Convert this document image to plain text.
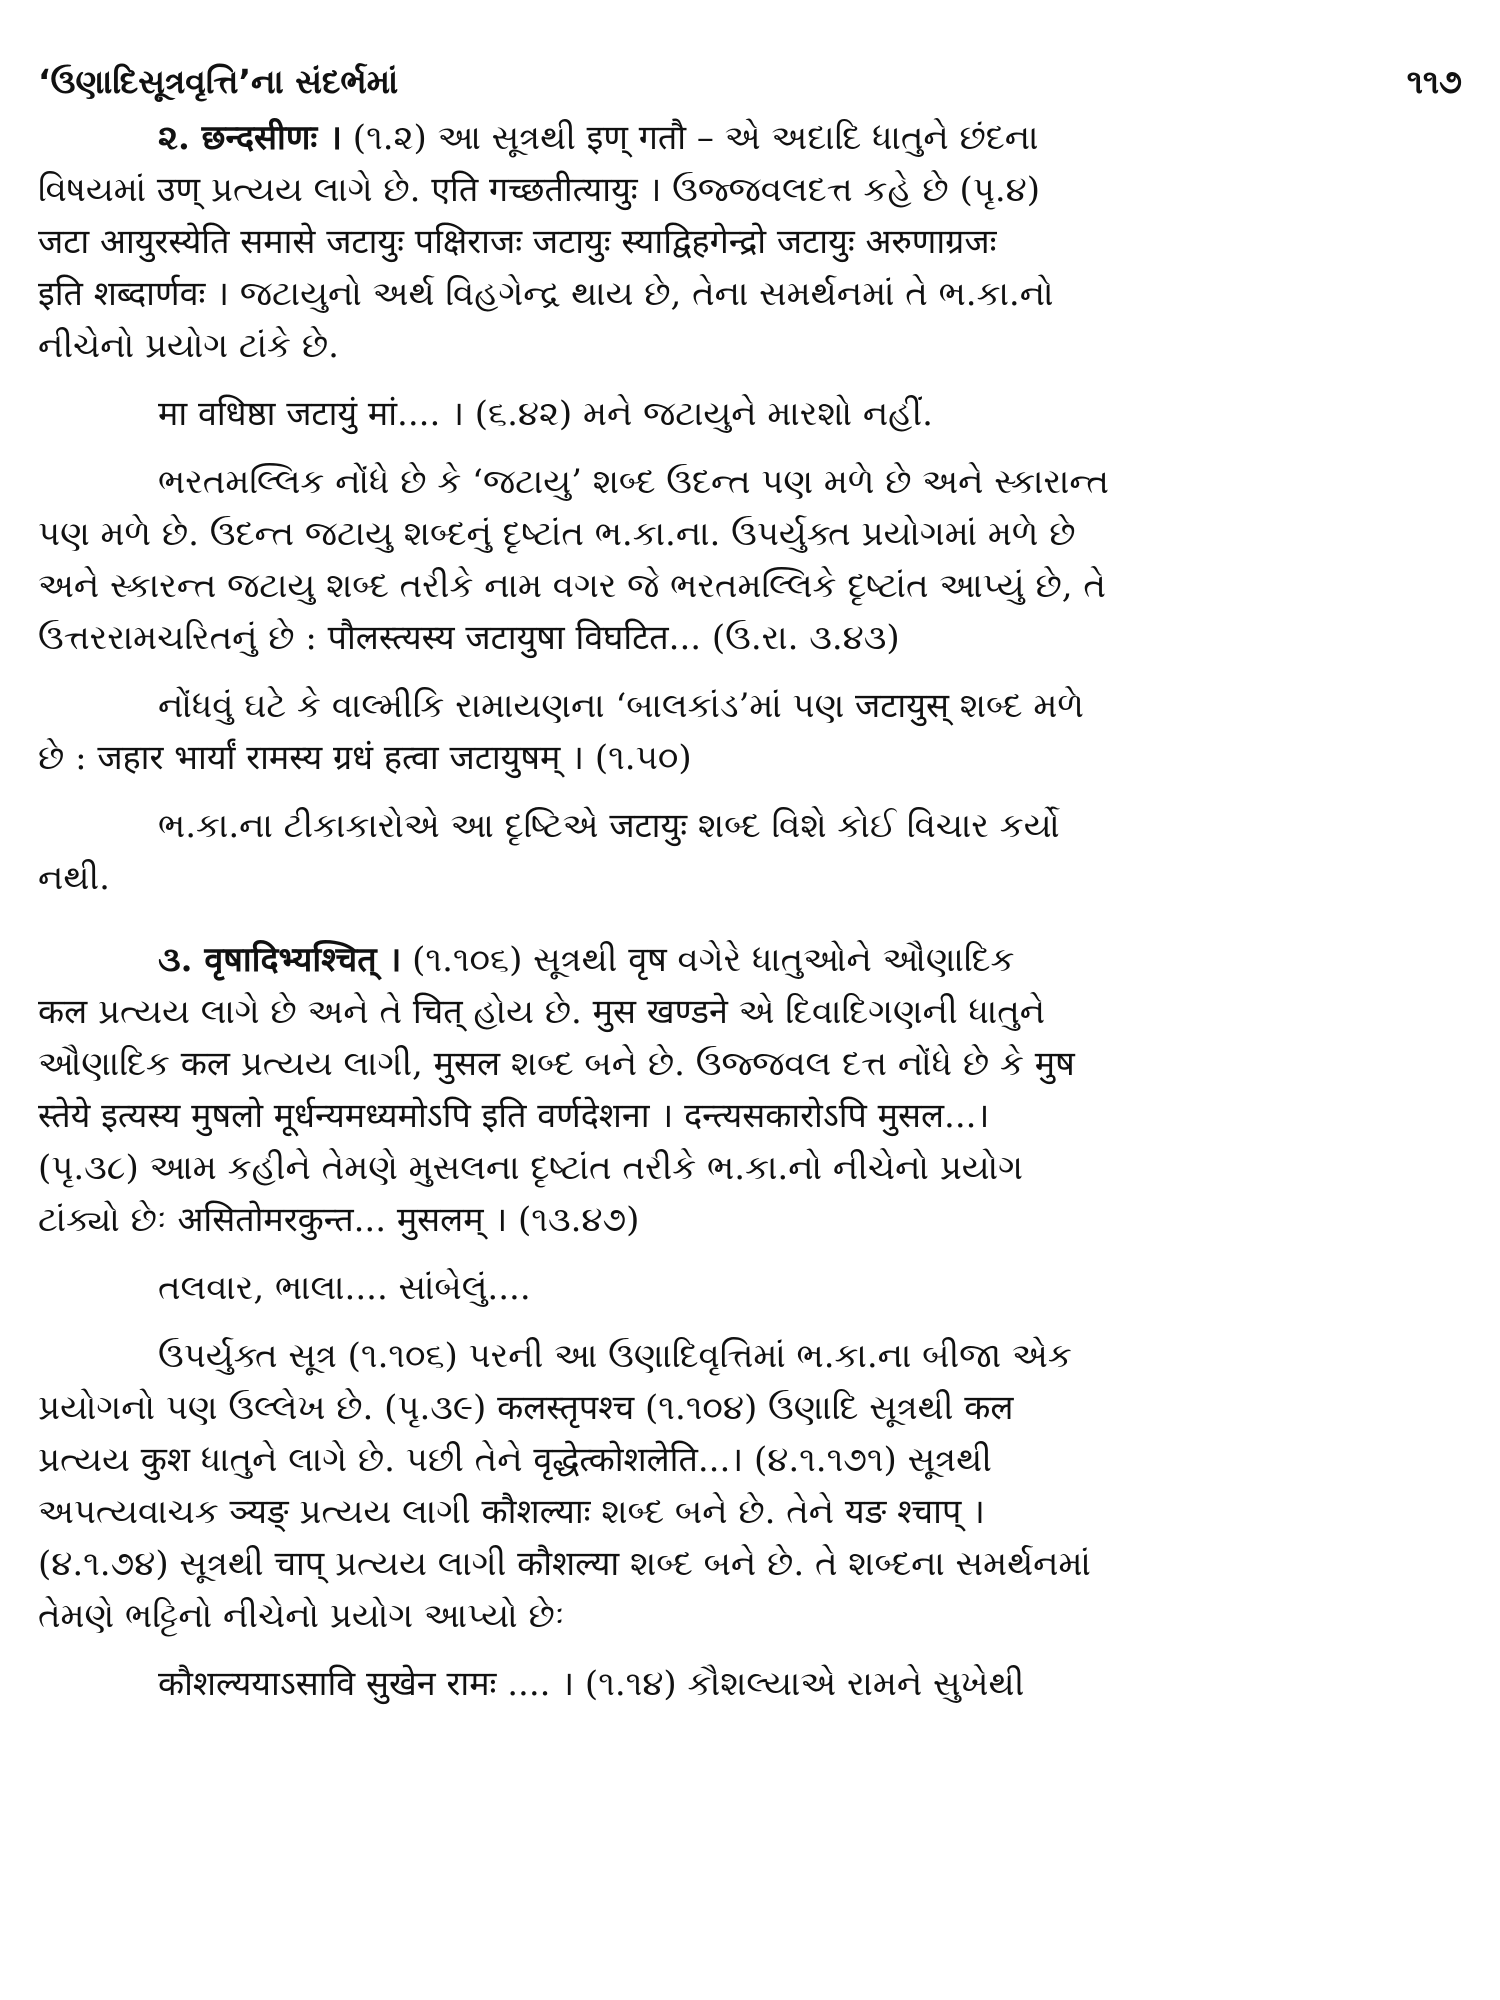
‘ઉણાદિસૂત્રવૃત્તિ’ના સંદર્ભમાં	૧૧૭

૨. छन्दसीणः । (૧.૨) આ સૂત્રથી इण् गतौ – એ અદાદિ ધાતુને છંદના
વિષયમાં उण् પ્રત્યય લાગે છે. एति गच्छतीत्यायुः । ઉજ્જવલદત્ત કહે છે (પૃ.૪)
जटा आयुरस्येति समासे जटायुः पक्षिराजः जटायुः स्याद्विहगेन्द्रो जटायुः अरुणाग्रजः
इति शब्दार्णवः । જટાયુનો અર્થ વિહગેન્દ્ર થાય છે, તેના સમર્થનમાં તે ભ.કા.નો
નીચેનો પ્રયોગ ટાંકે છે.

मा वधिष्ठा जटायुं मां.... । (૬.૪૨) મને જટાયુને મારશો નહીં.

ભરતમલ્લિક નોંધે છે કે ‘જટાયુ’ શબ્દ ઉદન્ત પણ મળે છે અને સ્કારાન્ત
પણ મળે છે. ઉદન્ત જટાયુ શબ્દનું દૃષ્ટાંત ભ.કા.ના. ઉપર્યુક્ત પ્રયોગમાં મળે છે
અને સ્કારન્ત જટાયુ શબ્દ તરીકે નામ વગર જે ભરતમલ્લિકે દૃષ્ટાંત આપ્યું છે, તે
ઉત્તરરામચરિતનું છે : पौलस्त्यस्य जटायुषा विघटित... (ઉ.રા. ૩.૪૩)

નોંધવું ઘટે કે વાલ્મીકિ રામાયણના ‘બાલકાંડ’માં પણ जटायुस् શબ્દ મળે
છે : जहार भार्यां रामस्य ग्रधं हत्वा जटायुषम् । (૧.૫૦)

ભ.કા.ના ટીકાકારોએ આ દૃષ્ટિએ जटायुः શબ્દ વિશે કોઈ વિચાર કર્યો
નથી.

૩. वृषादिभ्यश्चित् । (૧.૧૦૬) સૂત્રથી वृष વગેરે ધાતુઓને ઔણાદિક
कल પ્રત્યય લાગે છે અને તે चित् હોય છે. मुस खण्डने એ દિવાદિગણની ધાતુને
ઔણાદિક कल પ્રત્યય લાગી, मुसल શબ્દ બને છે. ઉજ્જવલ દત્ત નોંધે છે કે मुष
स्तेये इत्यस्य मुषलो मूर्धन्यमध्यमोऽपि इति वर्णदेशना । दन्त्यसकारोऽपि मुसल...।
(પૃ.૩૮) આમ કહીને તેમણે મુસલના દૃષ્ટાંત તરીકે ભ.કા.નો નીચેનો પ્રયોગ
ટાંક્યો છેઃ असितोमरकुन्त... मुसलम् । (૧૩.૪૭)

તલવાર, ભાલા.... સાંબેલું....

ઉપર્યુક્ત સૂત્ર (૧.૧૦૬) પરની આ ઉણાદિવૃત્તિમાં ભ.કા.ના બીજા એક
પ્રયોગનો પણ ઉલ્લેખ છે. (પૃ.૩૯) कलस्तृपश्च (૧.૧૦૪) ઉણાદિ સૂત્રથી कल
પ્રત્યય कुश ધાતુને લાગે છે. પછી તેને वृद्धेत्कोशलेति...। (૪.૧.૧૭૧) સૂત્રથી
અપત્યવાચક ञ्यङ् પ્રત્યય લાગી कौशल्याः શબ્દ બને છે. તેને यङ श्चाप् ।
(૪.૧.૭૪) સૂત્રથી चाप् પ્રત્યય લાગી कौशल्या શબ્દ બને છે. તે શબ્દના સમર્થનમાં
તેમણે ભટ્ટિનો નીચેનો પ્રયોગ આપ્યો છેઃ

कौशल्ययाऽसावि सुखेन रामः .... । (૧.૧૪) કૌશલ્યાએ રામને સુખેથી
